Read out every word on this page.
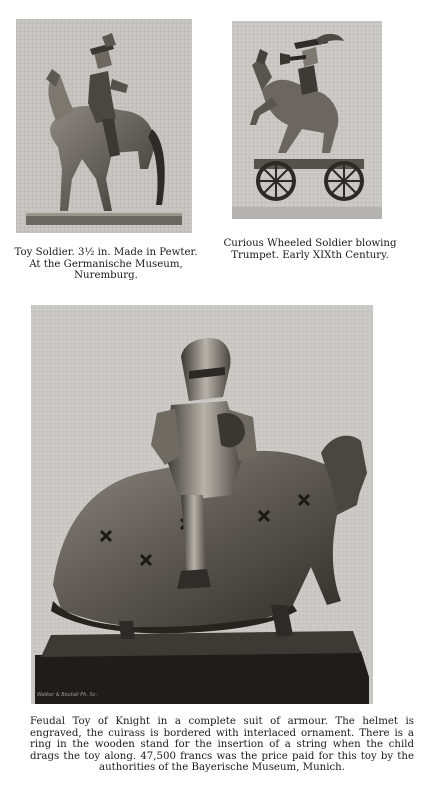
Toy Soldier. 3½ in. Made in Pewter. At the Germanische Museum, Nuremburg.
Curious Wheeled Soldier blowing Trumpet. Early XIXth Century.
Walker & Boutall Ph. Sc.
Feudal Toy of Knight in a complete suit of armour. The helmet is engraved, the cuirass is bordered with interlaced ornament. There is a ring in the wooden stand for the insertion of a string when the child drags the toy along. 47,500 francs was the price paid for this toy by the authorities of the Bayerische Museum, Munich.
